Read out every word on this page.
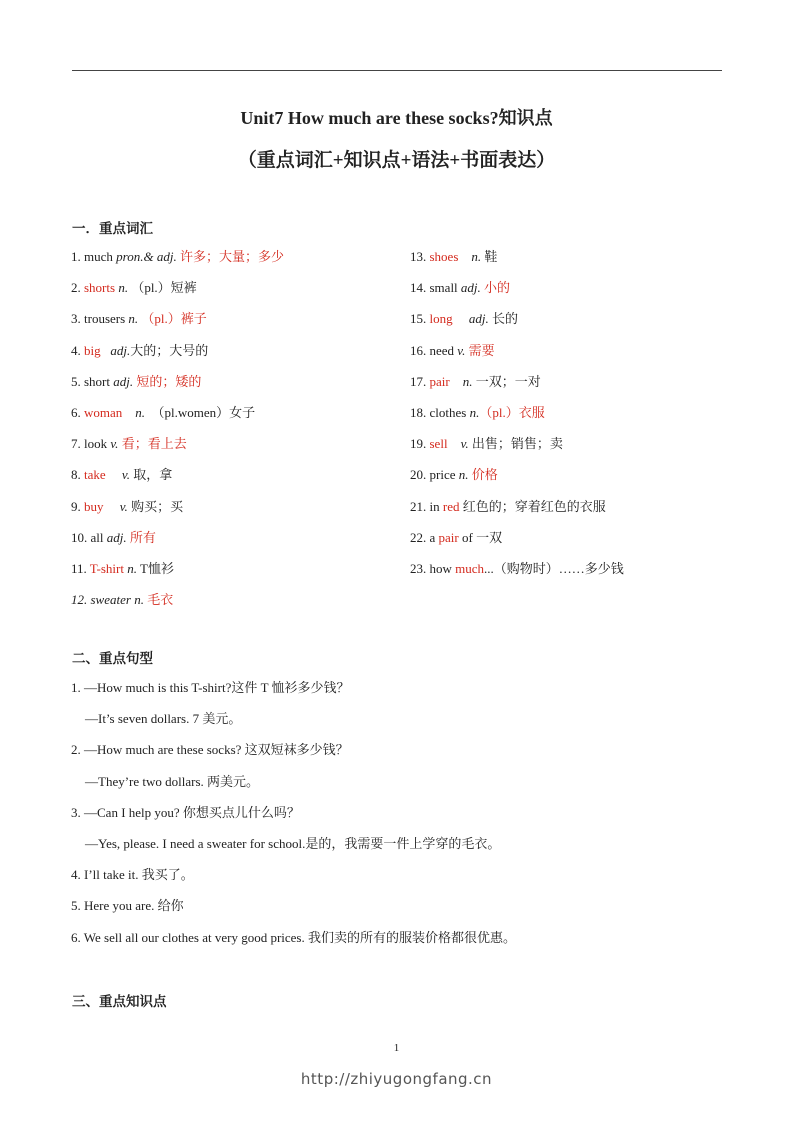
Unit7 How much are these socks?知识点
（重点词汇+知识点+语法+书面表达）
一．重点词汇
1. much pron.& adj. 许多；大量；多少
2. shorts n. （pl.）短裤
3. trousers n. （pl.）裤子
4. big adj.大的；大号的
5. short adj. 短的；矮的
6. woman n. （pl.women）女子
7. look v. 看；看上去
8. take v. 取，拿
9. buy v. 购买；买
10. all adj. 所有
11. T-shirt n. T恤衫
12. sweater n. 毛衣
13. shoes n. 鞋
14. small adj. 小的
15. long adj. 长的
16. need v. 需要
17. pair n. 一双；一对
18. clothes n.（pl.）衣服
19. sell v. 出售；销售；卖
20. price n. 价格
21. in red 红色的；穿着红色的衣服
22. a pair of 一双
23. how much...（购物时）……多少钱
二、重点句型
1. —How much is this T-shirt?这件 T 恤衫多少钱？
—It’s seven dollars. 7 美元。
2. —How much are these socks? 这双短袜多少钱？
—They’re two dollars. 两美元。
3. —Can I help you? 你想买点儿什么吗？
—Yes, please. I need a sweater for school.是的，我需要一件上学穿的毛衣。
4. I’ll take it. 我买了。
5. Here you are. 给你
6. We sell all our clothes at very good prices. 我们卖的所有的服装价格都很优惠。
三、重点知识点
1
http://zhiyugongfang.cn
